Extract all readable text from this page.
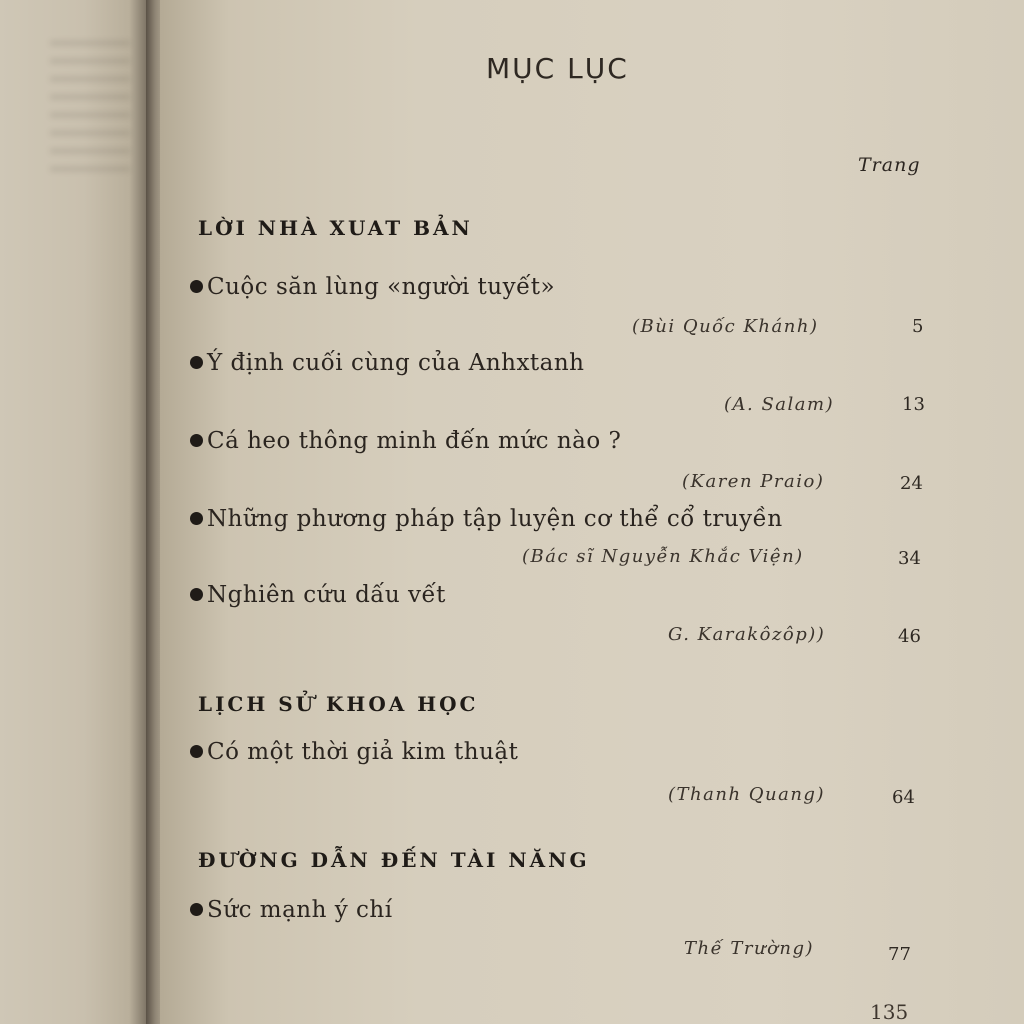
MỤC LỤC
Trang
LỜI NHÀ XUAT BẢN
Cuộc săn lùng «người tuyết»
(Bùi Quốc Khánh)	5
Ý định cuối cùng của Anhxtanh
(A. Salam)	13
Cá heo thông minh đến mức nào ?
(Karen Praio)	24
Những phương pháp tập luyện cơ thể cổ truyền
(Bác sĩ Nguyễn Khắc Viện)	34
Nghiên cứu dấu vết
G. Karakôzôp))	46
LỊCH SỬ KHOA HỌC
Có một thời giả kim thuật
(Thanh Quang)	64
ĐƯỜNG DẪN ĐẾN TÀI NĂNG
Sức mạnh ý chí
Thế Trường)	77
135
